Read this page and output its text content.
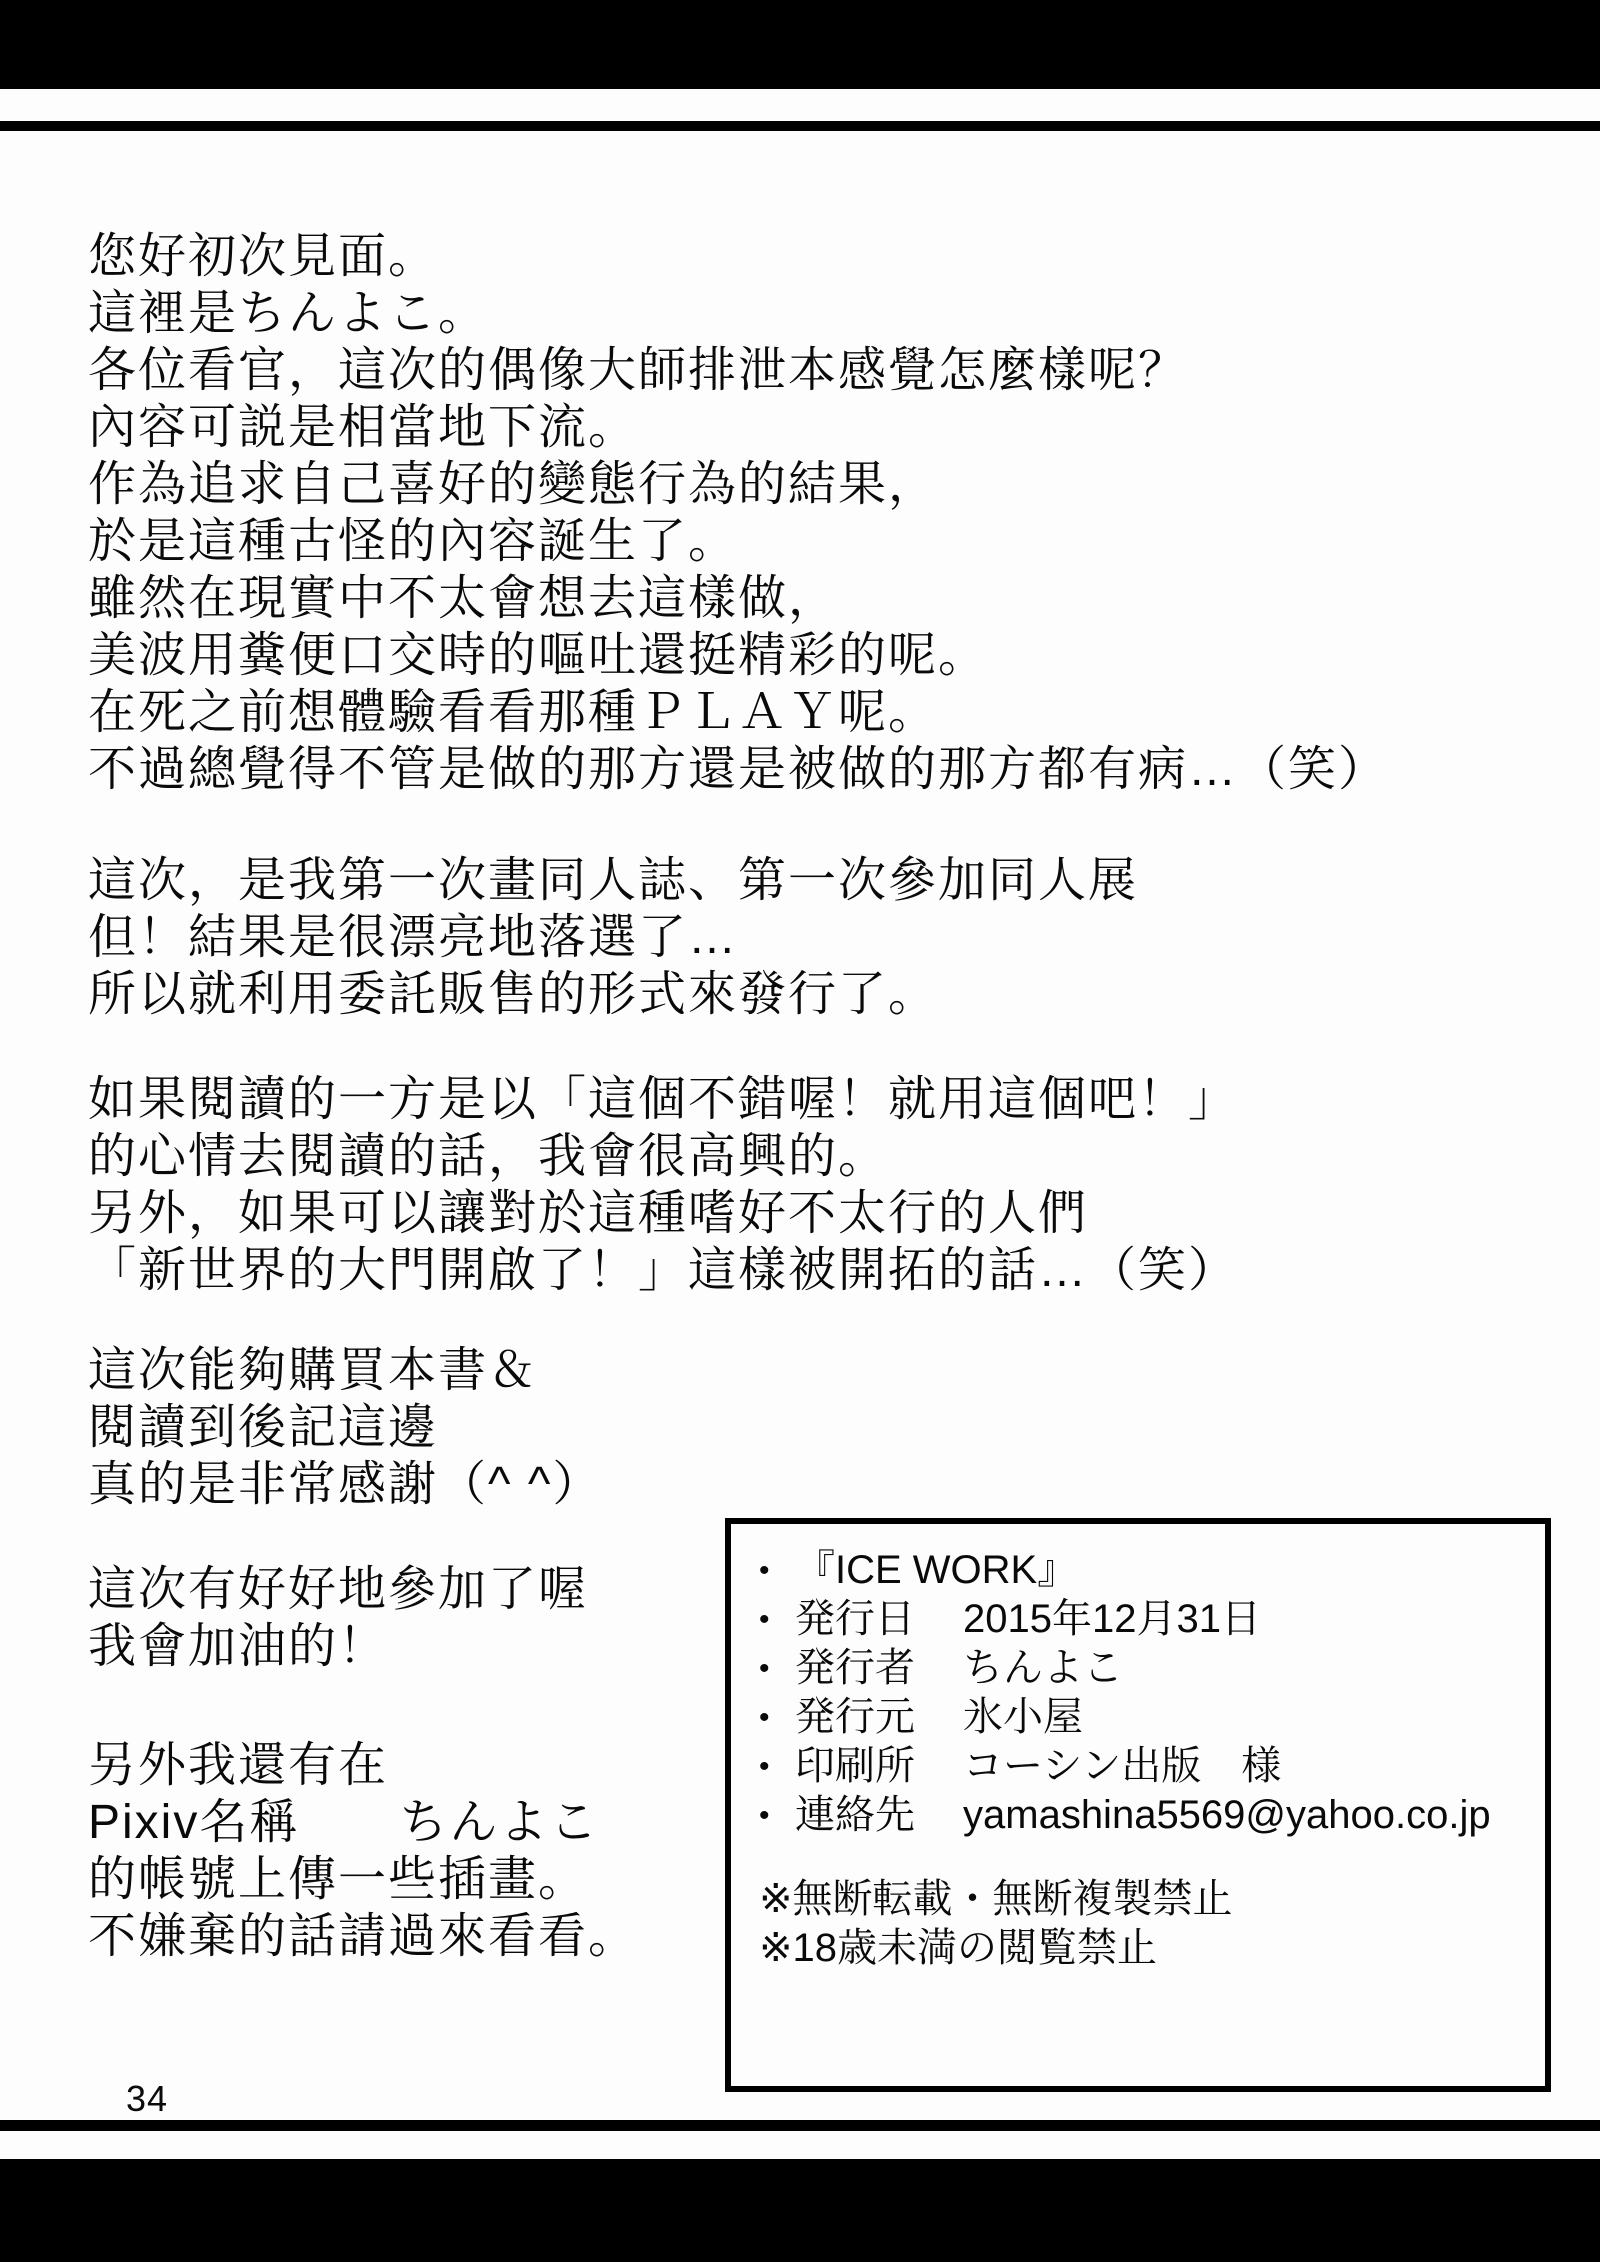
您好初次見面。
這裡是ちんよこ。
各位看官，這次的偶像大師排泄本感覺怎麼樣呢？
內容可説是相當地下流。
作為追求自己喜好的變態行為的結果，
於是這種古怪的內容誕生了。
雖然在現實中不太會想去這樣做，
美波用糞便口交時的嘔吐還挺精彩的呢。
在死之前想體驗看看那種ＰＬＡＹ呢。
不過總覺得不管是做的那方還是被做的那方都有病…（笑）
這次，是我第一次畫同人誌、第一次參加同人展
但！結果是很漂亮地落選了…
所以就利用委託販售的形式來發行了。
如果閱讀的一方是以「這個不錯喔！就用這個吧！」
的心情去閱讀的話，我會很高興的。
另外，如果可以讓對於這種嗜好不太行的人們
「新世界的大門開啟了！」這樣被開拓的話…（笑）
這次能夠購買本書＆
閱讀到後記這邊
真的是非常感謝（^ ^）
這次有好好地參加了喔
我會加油的！
另外我還有在
Pixiv名稱　　ちんよこ
的帳號上傳一些插畫。
不嫌棄的話請過來看看。
• 『ICE WORK』
• 発行日	2015年12月31日
• 発行者	ちんよこ
• 発行元	氷小屋
• 印刷所	コーシン出版　様
• 連絡先	yamashina5569@yahoo.co.jp
※無断転載・無断複製禁止
※18歳未満の閲覧禁止
34
